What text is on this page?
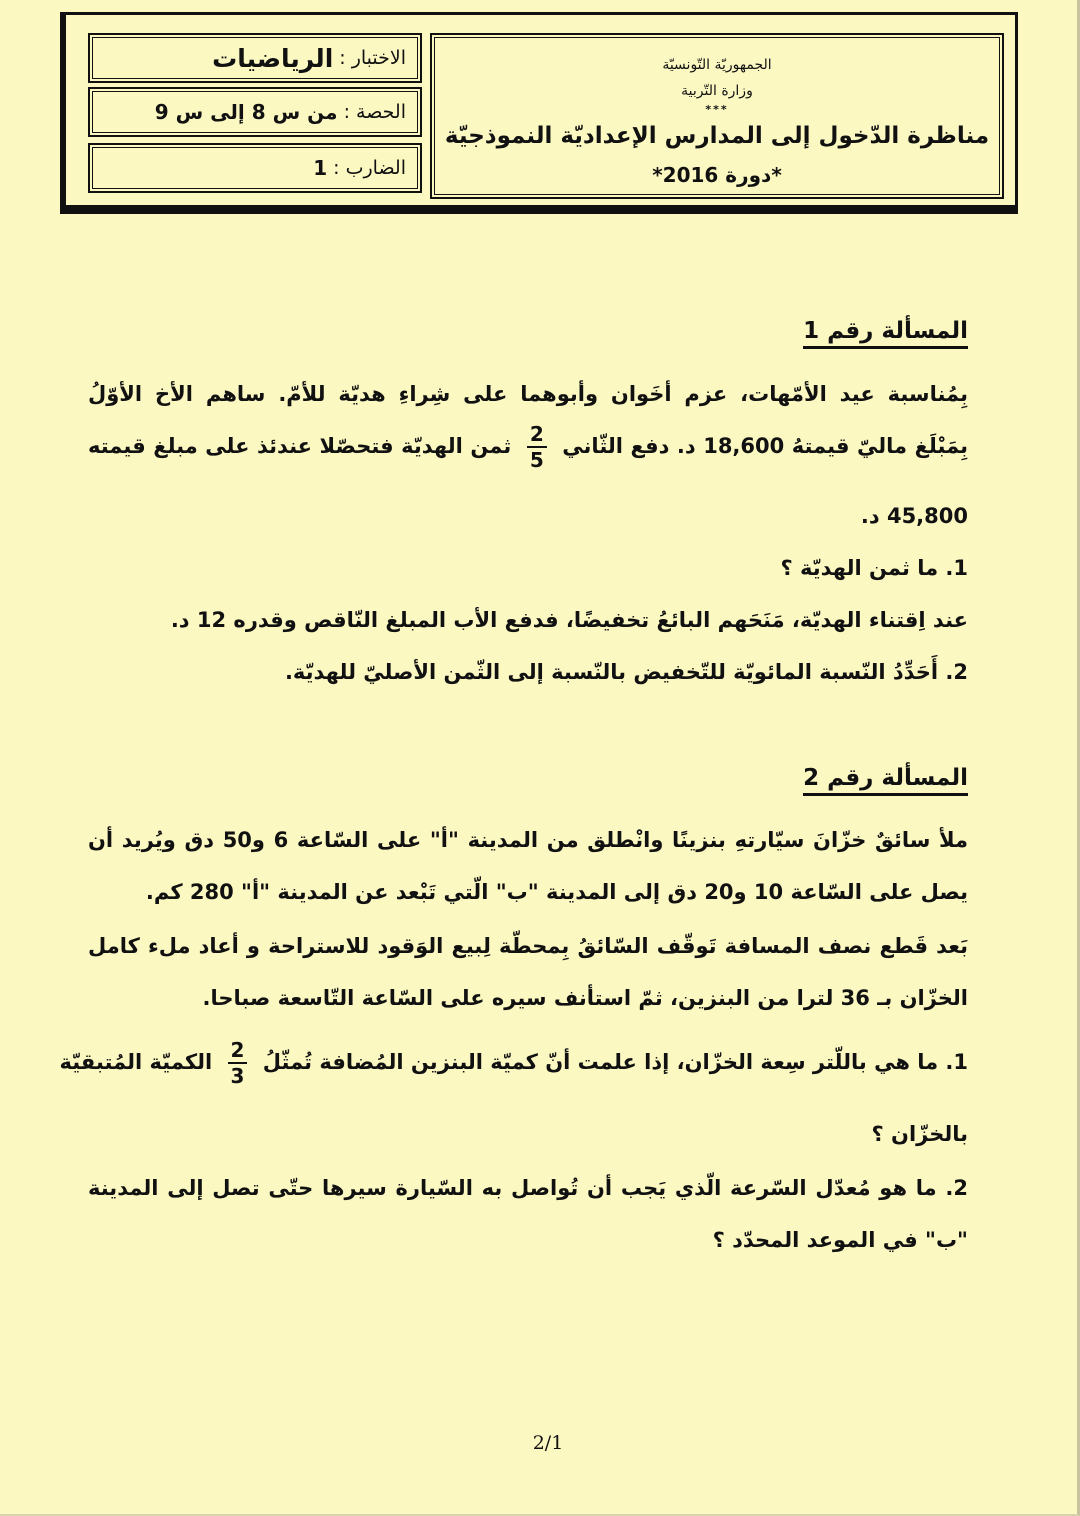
الجمهوريّة التّونسيّة
وزارة التّربية
***
مناظرة الدّخول إلى المدارس الإعداديّة النموذجيّة
*دورة 2016*
الاختبار :
الرياضيات
الحصة :
من س 8 إلى س 9
الضارب :
1
المسألة رقم 1
بِمُناسبة عيد الأمّهات، عزم أخَوان وأبوهما على شِراءِ هديّة للأمّ. ساهم الأخ الأوّلُ
بِمَبْلَغ ماليّ قيمتهُ 18,600 د. دفع الثّاني
$\frac{2}{5}$
ثمن الهديّة فتحصّلا عندئذ على مبلغ قيمته
45,800 د.
1. ما ثمن الهديّة ؟
عند اِقتناء الهديّة، مَنَحَهم البائعُ تخفيضًا، فدفع الأب المبلغ النّاقص وقدره 12 د.
2. أَحَدِّدُ النّسبة المائويّة للتّخفيض بالنّسبة إلى الثّمن الأصليّ للهديّة.
المسألة رقم 2
ملأ سائقٌ خزّانَ سيّارتهِ بنزينًا وانْطلق من المدينة "أ" على السّاعة 6 و50 دق ويُريد أن
يصل على السّاعة 10 و20 دق إلى المدينة "ب" الّتي تَبْعد عن المدينة "أ" 280 كم.
بَعد قَطع نصف المسافة تَوقّف السّائقُ بِمحطّة لِبيع الوَقود للاستراحة و أعاد ملء كامل
الخزّان بـ 36 لترا من البنزين، ثمّ استأنف سيره على السّاعة التّاسعة صباحا.
1. ما هي باللّتر سِعة الخزّان، إذا علمت أنّ كميّة البنزين المُضافة تُمثّلُ
$\frac{2}{3}$
الكميّة المُتبقيّة
بالخزّان ؟
2. ما هو مُعدّل السّرعة الّذي يَجب أن تُواصل به السّيارة سيرها حتّى تصل إلى المدينة
"ب" في الموعد المحدّد ؟
2/1
